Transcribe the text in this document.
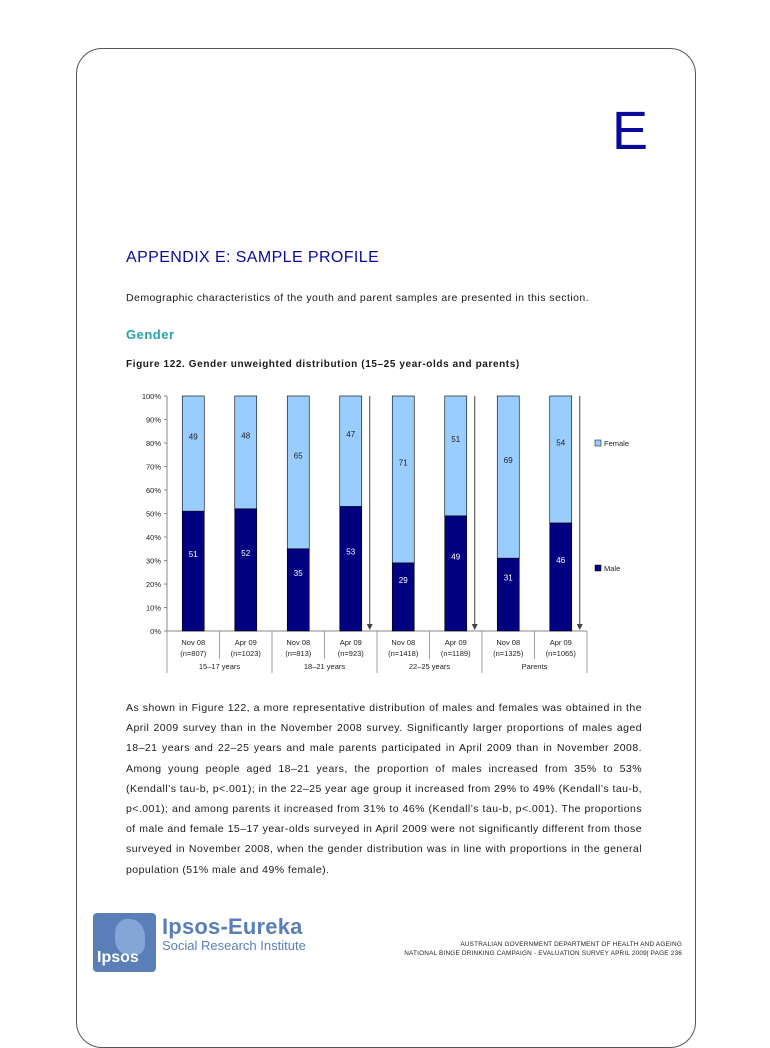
E
APPENDIX E: SAMPLE PROFILE
Demographic characteristics of the youth and parent samples are presented in this section.
Gender
Figure 122. Gender unweighted distribution (15–25 year-olds and parents)
0%
10%
20%
30%
40%
50%
60%
70%
80%
90%
100%
51
49
Nov 08
(n=807)
52
48
Apr 09
(n=1023)
35
65
Nov 08
(n=813)
53
47
Apr 09
(n=923)
29
71
Nov 08
(n=1418)
49
51
Apr 09
(n=1189)
31
69
Nov 08
(n=1325)
46
54
Apr 09
(n=1065)
15–17 years	18–21 years	22–25 years	Parents
Female
Male
As shown in Figure 122, a more representative distribution of males and females was obtained in the April 2009 survey than in the November 2008 survey. Significantly larger proportions of males aged 18–21 years and 22–25 years and male parents participated in April 2009 than in November 2008. Among young people aged 18–21 years, the proportion of males increased from 35% to 53% (Kendall’s tau-b, p<.001); in the 22–25 year age group it increased from 29% to 49% (Kendall’s tau-b, p<.001); and among parents it increased from 31% to 46% (Kendall’s tau-b, p<.001). The proportions of male and female 15–17 year-olds surveyed in April 2009 were not significantly different from those surveyed in November 2008, when the gender distribution was in line with proportions in the general population (51% male and 49% female).
Ipsos
Ipsos-Eureka
Social Research Institute	AUSTRALIAN GOVERNMENT DEPARTMENT OF HEALTH AND AGEING
NATIONAL BINGE DRINKING CAMPAIGN - EVALUATION SURVEY APRIL 2009| PAGE 236
